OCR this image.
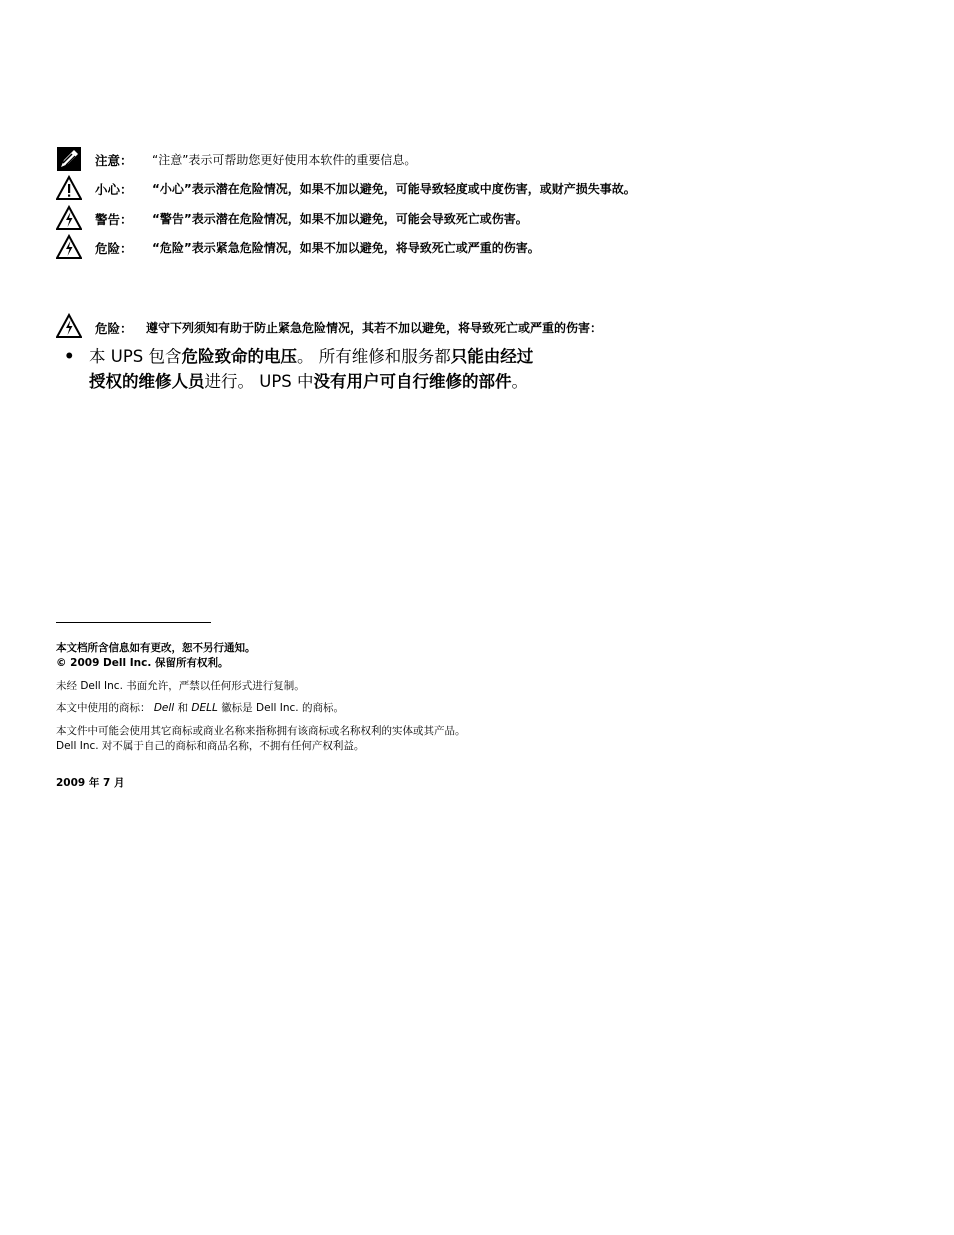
注意： “注意”表示可帮助您更好使用本软件的重要信息。
小心： “小心”表示潜在危险情况，如果不加以避免，可能导致轻度或中度伤害，或财产损失事故。
警告： “警告”表示潜在危险情况，如果不加以避免，可能会导致死亡或伤害。
危险： “危险”表示紧急危险情况，如果不加以避免，将导致死亡或严重的伤害。
危险： 遵守下列须知有助于防止紧急危险情况，其若不加以避免，将导致死亡或严重的伤害：
• 本 UPS 包含危险致命的电压。 所有维修和服务都只能由经过
授权的维修人员进行。 UPS 中没有用户可自行维修的部件。
本文档所含信息如有更改，恕不另行通知。
© 2009 Dell Inc. 保留所有权利。
未经 Dell Inc. 书面允许，严禁以任何形式进行复制。
本文中使用的商标： Dell 和 DELL 徽标是 Dell Inc. 的商标。
本文件中可能会使用其它商标或商业名称来指称拥有该商标或名称权利的实体或其产品。
Dell Inc. 对不属于自己的商标和商品名称，不拥有任何产权利益。
2009 年 7 月
